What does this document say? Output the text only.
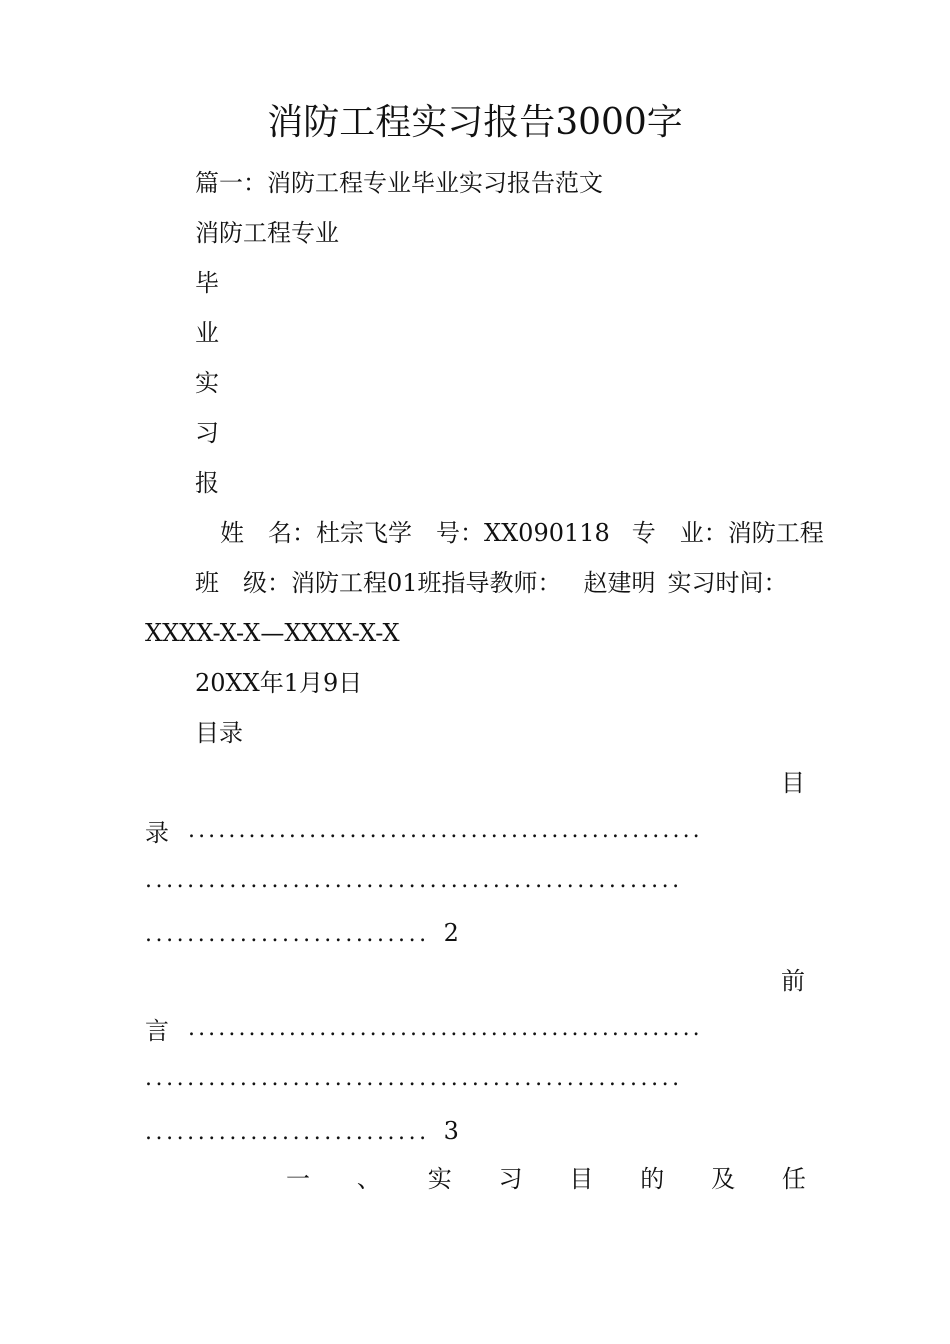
消防工程实习报告3000字
篇一：消防工程专业毕业实习报告范文
消防工程专业
毕
业
实
习
报
姓　名：杜宗飞学　号：XX090118 专　业：消防工程
班　级：消防工程01班指导教师： 赵建明 实习时间：
XXXX-X-X—XXXX-X-X
20XX年1月9日
目录
目
录 ...................................................
...................................................
........................... 2
前
言 ...................................................
...................................................
........................... 3
一 、 实 习 目 的 及 任
